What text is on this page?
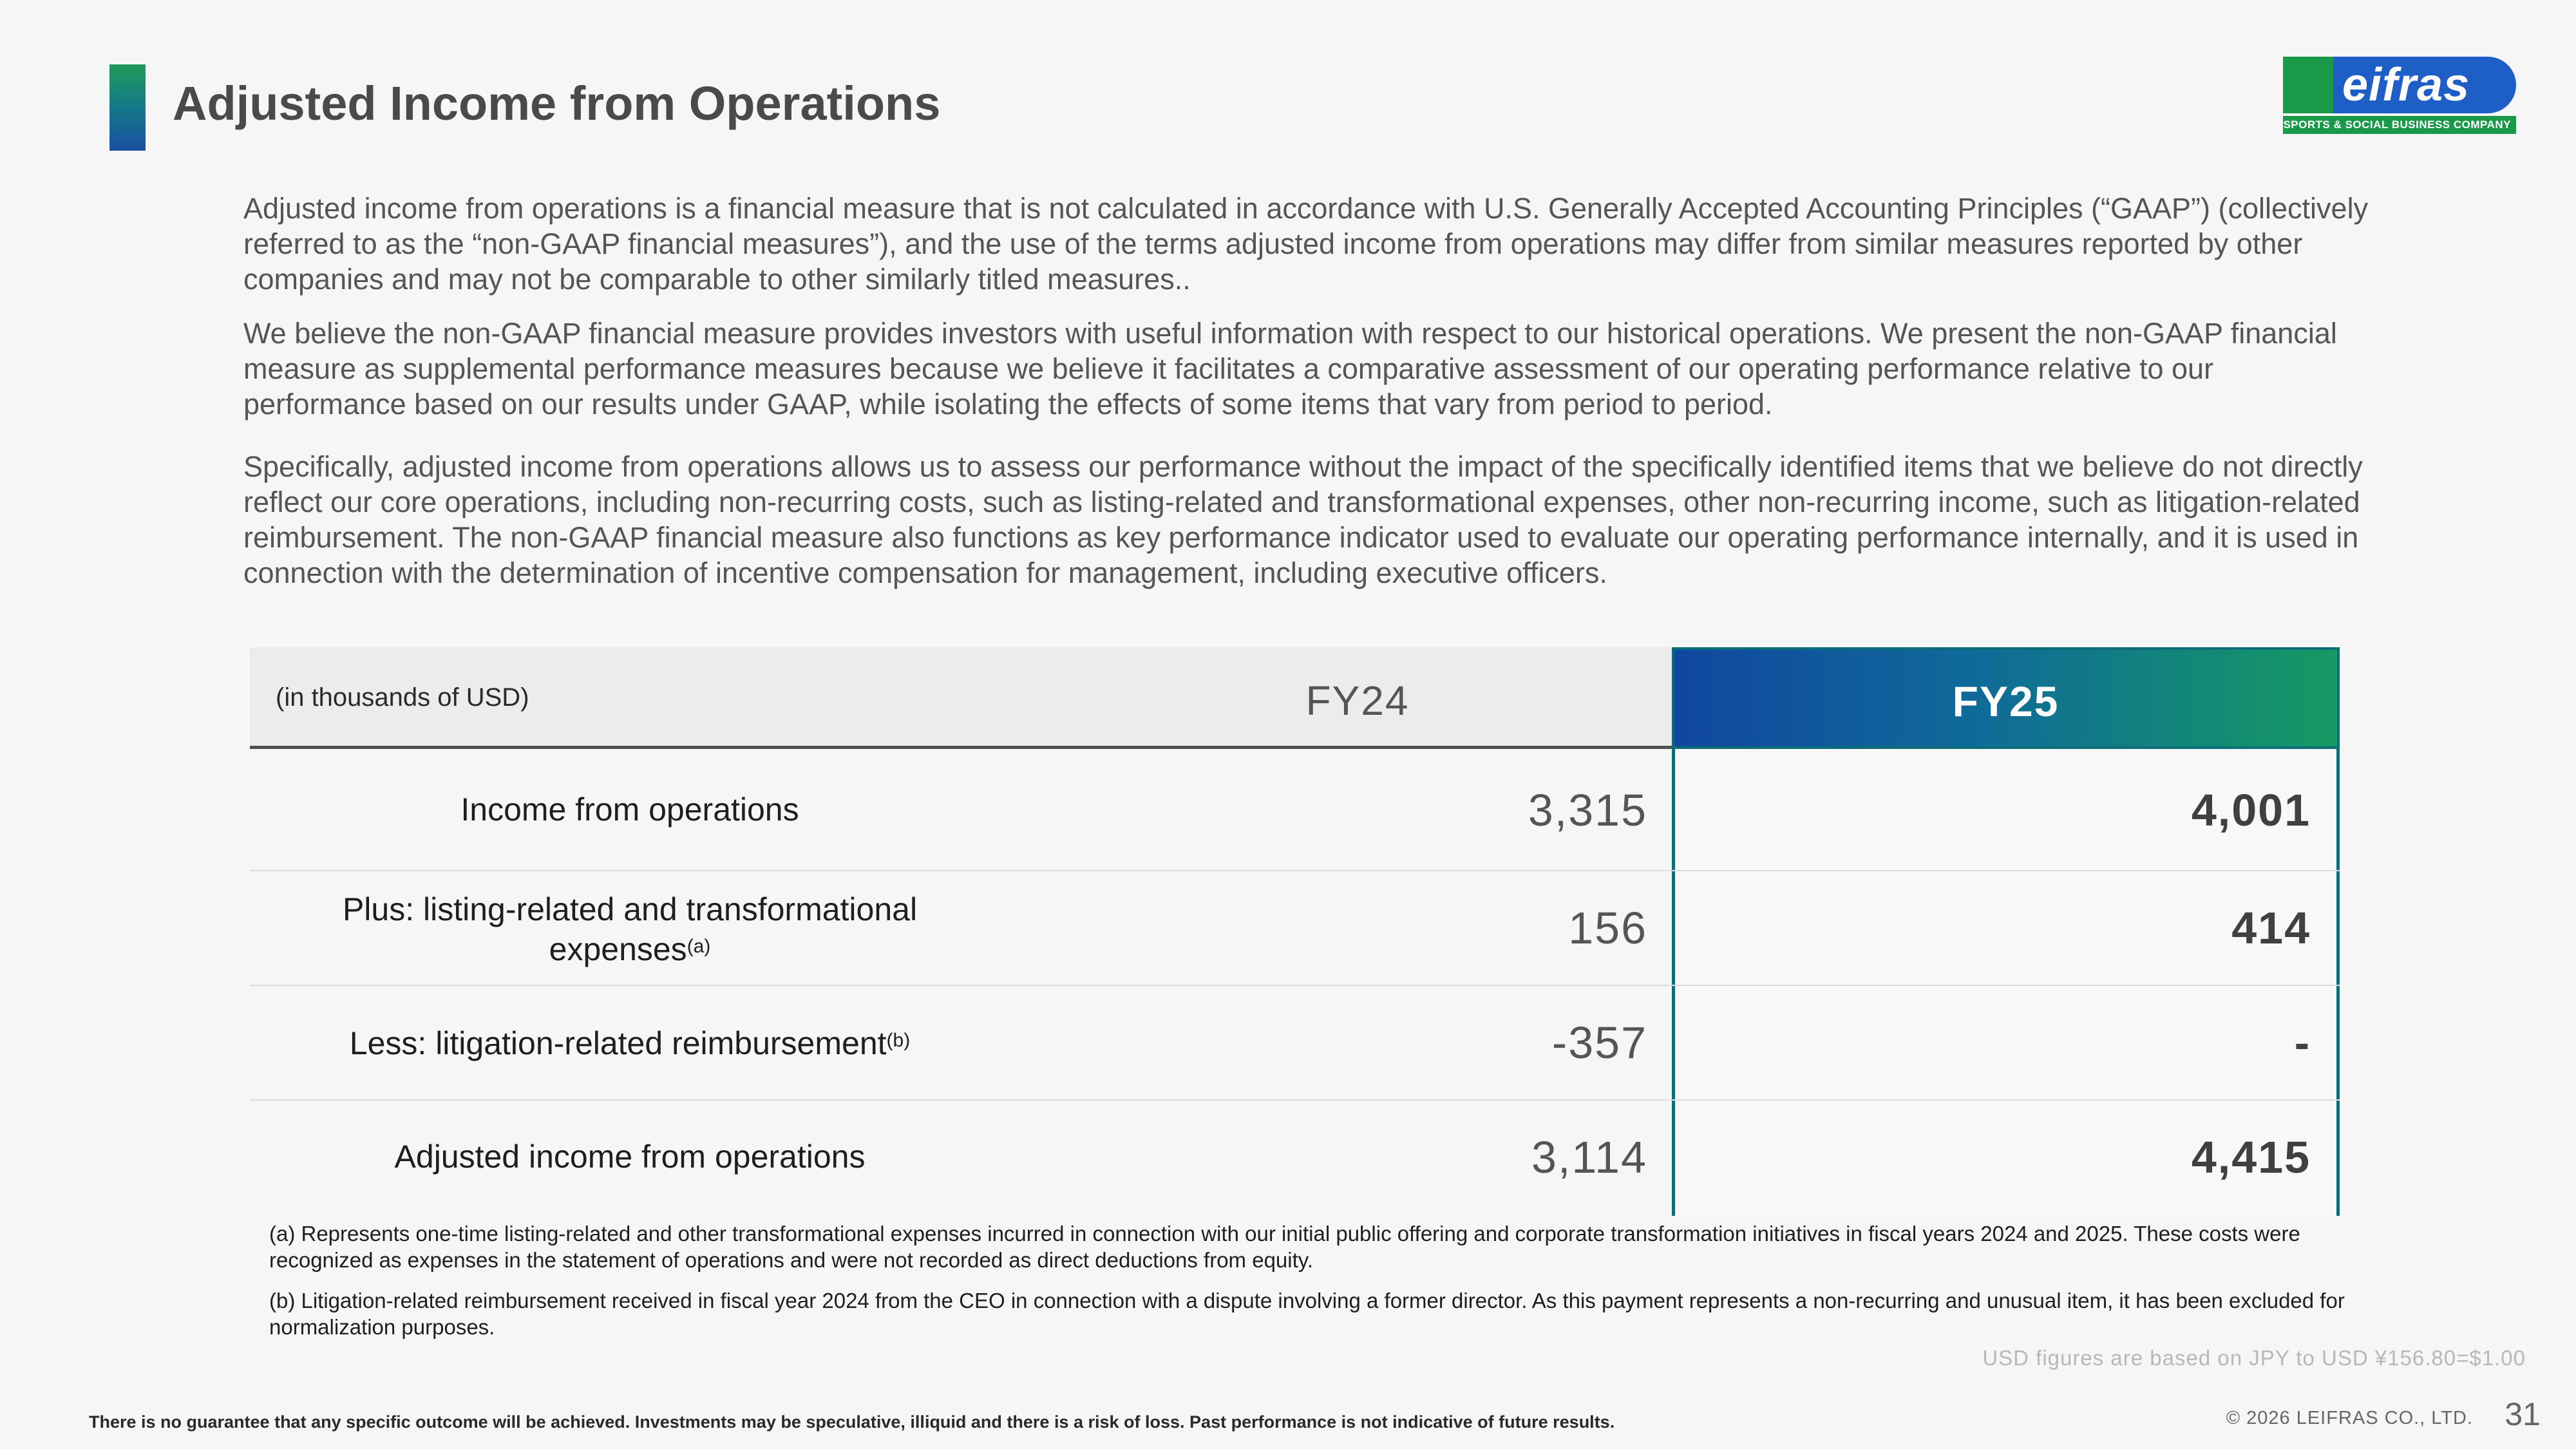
Adjusted Income from Operations	eifras
SPORTS & SOCIAL BUSINESS COMPANY

Adjusted income from operations is a financial measure that is not calculated in accordance with U.S. Generally Accepted Accounting Principles (“GAAP”) (collectively referred to as the “non-GAAP financial measures”), and the use of the terms adjusted income from operations may differ from similar measures reported by other companies and may not be comparable to other similarly titled measures..

We believe the non-GAAP financial measure provides investors with useful information with respect to our historical operations. We present the non-GAAP financial measure as supplemental performance measures because we believe it facilitates a comparative assessment of our operating performance relative to our performance based on our results under GAAP, while isolating the effects of some items that vary from period to period.

Specifically, adjusted income from operations allows us to assess our performance without the impact of the specifically identified items that we believe do not directly reflect our core operations, including non-recurring costs, such as listing-related and transformational expenses, other non-recurring income, such as litigation-related reimbursement. The non-GAAP financial measure also functions as key performance indicator used to evaluate our operating performance internally, and it is used in connection with the determination of incentive compensation for management, including executive officers.

(in thousands of USD)	FY24	FY25
Income from operations	3,315	4,001
Plus: listing-related and transformational
expenses$^{(a)}$	156	414
Less: litigation-related reimbursement$^{(b)}$	-357	-
Adjusted income from operations	3,114	4,415

(a) Represents one-time listing-related and other transformational expenses incurred in connection with our initial public offering and corporate transformation initiatives in fiscal years 2024 and 2025. These costs were recognized as expenses in the statement of operations and were not recorded as direct deductions from equity.

(b) Litigation-related reimbursement received in fiscal year 2024 from the CEO in connection with a dispute involving a former director. As this payment represents a non-recurring and unusual item, it has been excluded for normalization purposes.

USD figures are based on JPY to USD ¥156.80=$1.00
There is no guarantee that any specific outcome will be achieved. Investments may be speculative, illiquid and there is a risk of loss. Past performance is not indicative of future results.	© 2026 LEIFRAS CO., LTD. 31
